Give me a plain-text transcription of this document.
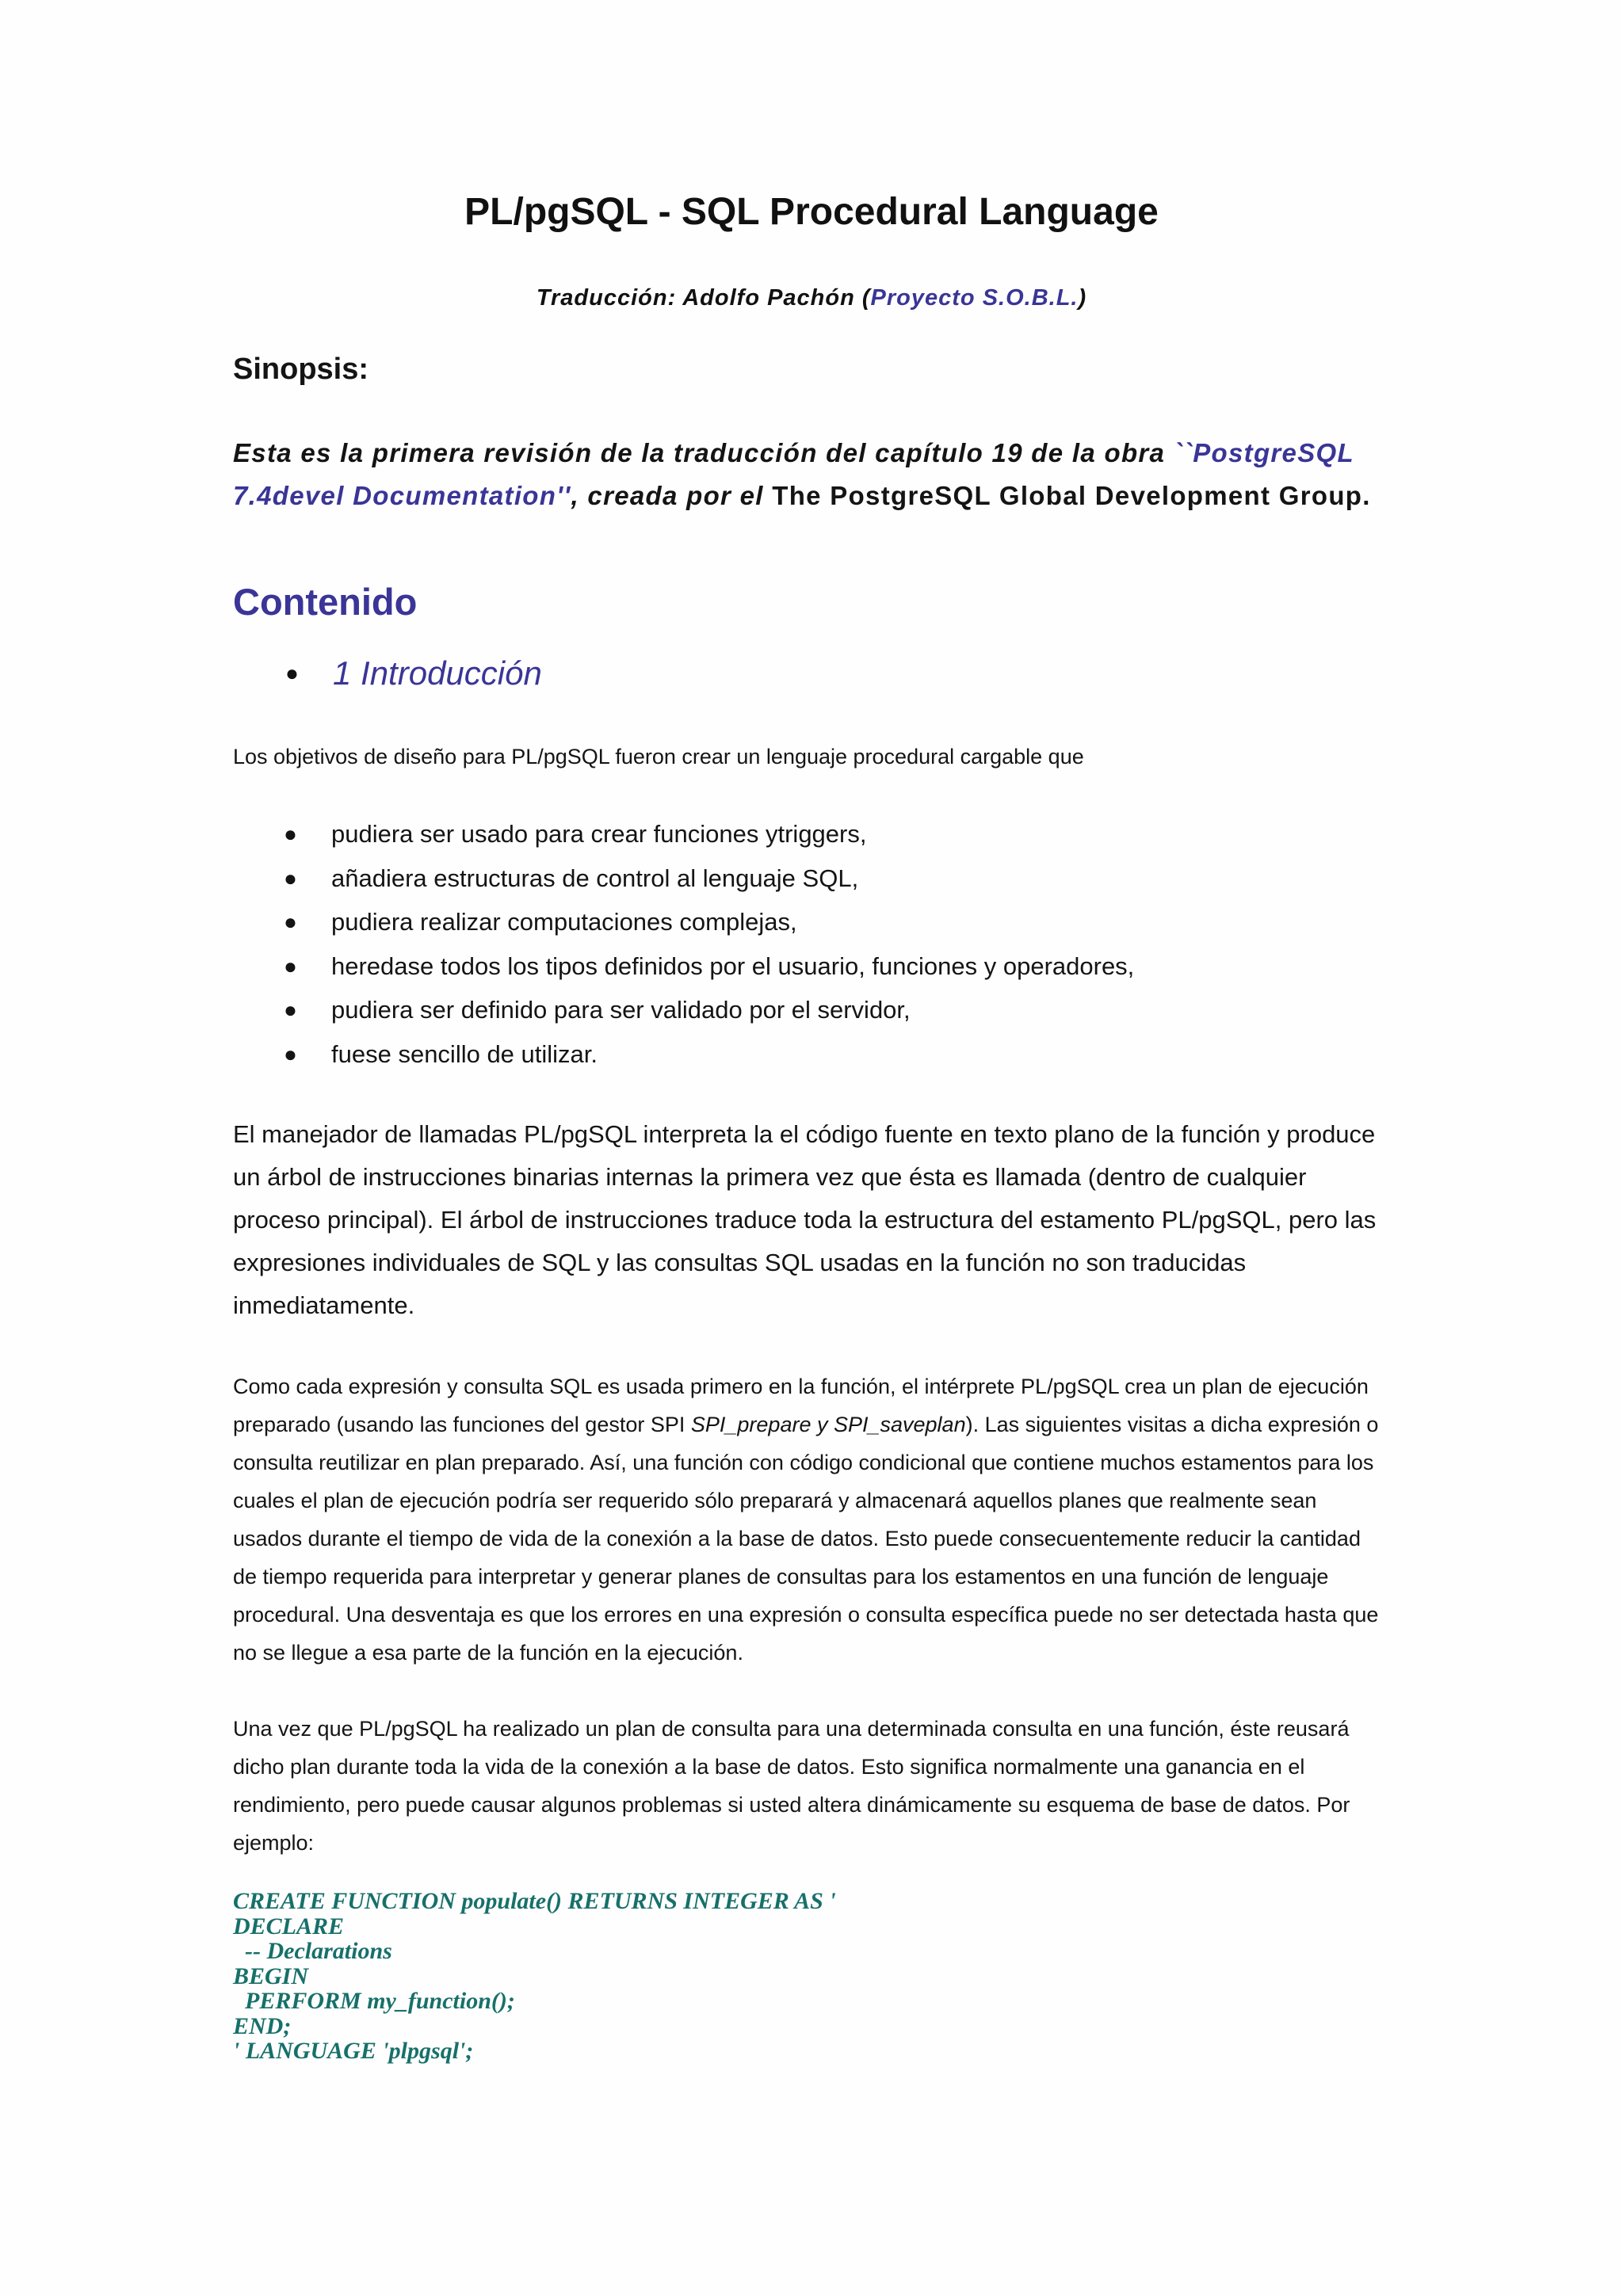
PL/pgSQL - SQL Procedural Language
Traducción: Adolfo Pachón (Proyecto S.O.B.L.)
Sinopsis:

Esta es la primera revisión de la traducción del capítulo 19 de la obra ``PostgreSQL 7.4devel Documentation'', creada por el The PostgreSQL Global Development Group.

Contenido
● 1 Introducción

Los objetivos de diseño para PL/pgSQL fueron crear un lenguaje procedural cargable que

● pudiera ser usado para crear funciones ytriggers,
● añadiera estructuras de control al lenguaje SQL,
● pudiera realizar computaciones complejas,
● heredase todos los tipos definidos por el usuario, funciones y operadores,
● pudiera ser definido para ser validado por el servidor,
● fuese sencillo de utilizar.

El manejador de llamadas PL/pgSQL interpreta la el código fuente en texto plano de la función y produce un árbol de instrucciones binarias internas la primera vez que ésta es llamada (dentro de cualquier proceso principal). El árbol de instrucciones traduce toda la estructura del estamento PL/pgSQL, pero las expresiones individuales de SQL y las consultas SQL usadas en la función no son traducidas inmediatamente.

Como cada expresión y consulta SQL es usada primero en la función, el intérprete PL/pgSQL crea un plan de ejecución preparado (usando las funciones del gestor SPI SPI_prepare y SPI_saveplan). Las siguientes visitas a dicha expresión o consulta reutilizar en plan preparado. Así, una función con código condicional que contiene muchos estamentos para los cuales el plan de ejecución podría ser requerido sólo preparará y almacenará aquellos planes que realmente sean usados durante el tiempo de vida de la conexión a la base de datos. Esto puede consecuentemente reducir la cantidad de tiempo requerida para interpretar y generar planes de consultas para los estamentos en una función de lenguaje procedural. Una desventaja es que los errores en una expresión o consulta específica puede no ser detectada hasta que no se llegue a esa parte de la función en la ejecución.

Una vez que PL/pgSQL ha realizado un plan de consulta para una determinada consulta en una función, éste reusará dicho plan durante toda la vida de la conexión a la base de datos. Esto significa normalmente una ganancia en el rendimiento, pero puede causar algunos problemas si usted altera dinámicamente su esquema de base de datos. Por ejemplo:

CREATE FUNCTION populate() RETURNS INTEGER AS '
DECLARE
-- Declarations
BEGIN
PERFORM my_function();
END;
' LANGUAGE 'plpgsql';
